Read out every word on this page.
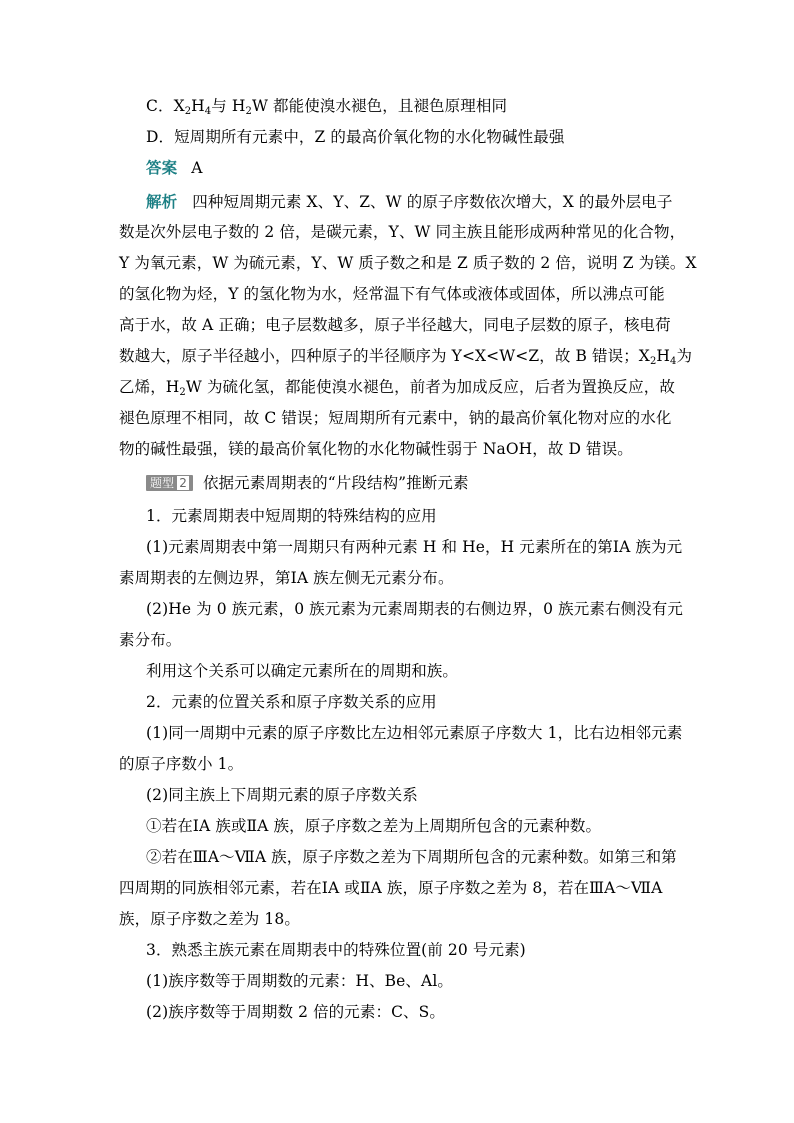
C．$X_2H_4$与 $H_2W$ 都能使溴水褪色，且褪色原理相同
D．短周期所有元素中，Z 的最高价氧化物的水化物碱性最强
答案 A
解析 四种短周期元素 X、Y、Z、W 的原子序数依次增大，X 的最外层电子
数是次外层电子数的 2 倍，是碳元素，Y、W 同主族且能形成两种常见的化合物，
Y 为氧元素，W 为硫元素，Y、W 质子数之和是 Z 质子数的 2 倍，说明 Z 为镁。X
的氢化物为烃，Y 的氢化物为水，烃常温下有气体或液体或固体，所以沸点可能
高于水，故 A 正确；电子层数越多，原子半径越大，同电子层数的原子，核电荷
数越大，原子半径越小，四种原子的半径顺序为 Y<X<W<Z，故 B 错误；$X_2H_4$为
乙烯，$H_2W$ 为硫化氢，都能使溴水褪色，前者为加成反应，后者为置换反应，故
褪色原理不相同，故 C 错误；短周期所有元素中，钠的最高价氧化物对应的水化
物的碱性最强，镁的最高价氧化物的水化物碱性弱于 NaOH，故 D 错误。
题型 2 依据元素周期表的“片段结构”推断元素
1．元素周期表中短周期的特殊结构的应用
(1)元素周期表中第一周期只有两种元素 H 和 He，H 元素所在的第ⅠA 族为元
素周期表的左侧边界，第ⅠA 族左侧无元素分布。
(2)He 为 0 族元素，0 族元素为元素周期表的右侧边界，0 族元素右侧没有元
素分布。
利用这个关系可以确定元素所在的周期和族。
2．元素的位置关系和原子序数关系的应用
(1)同一周期中元素的原子序数比左边相邻元素原子序数大 1，比右边相邻元素
的原子序数小 1。
(2)同主族上下周期元素的原子序数关系
①若在ⅠA 族或ⅡA 族，原子序数之差为上周期所包含的元素种数。
②若在ⅢA～ⅦA 族，原子序数之差为下周期所包含的元素种数。如第三和第
四周期的同族相邻元素，若在ⅠA 或ⅡA 族，原子序数之差为 8，若在ⅢA～ⅦA
族，原子序数之差为 18。
3．熟悉主族元素在周期表中的特殊位置(前 20 号元素)
(1)族序数等于周期数的元素：H、Be、Al。
(2)族序数等于周期数 2 倍的元素：C、S。
